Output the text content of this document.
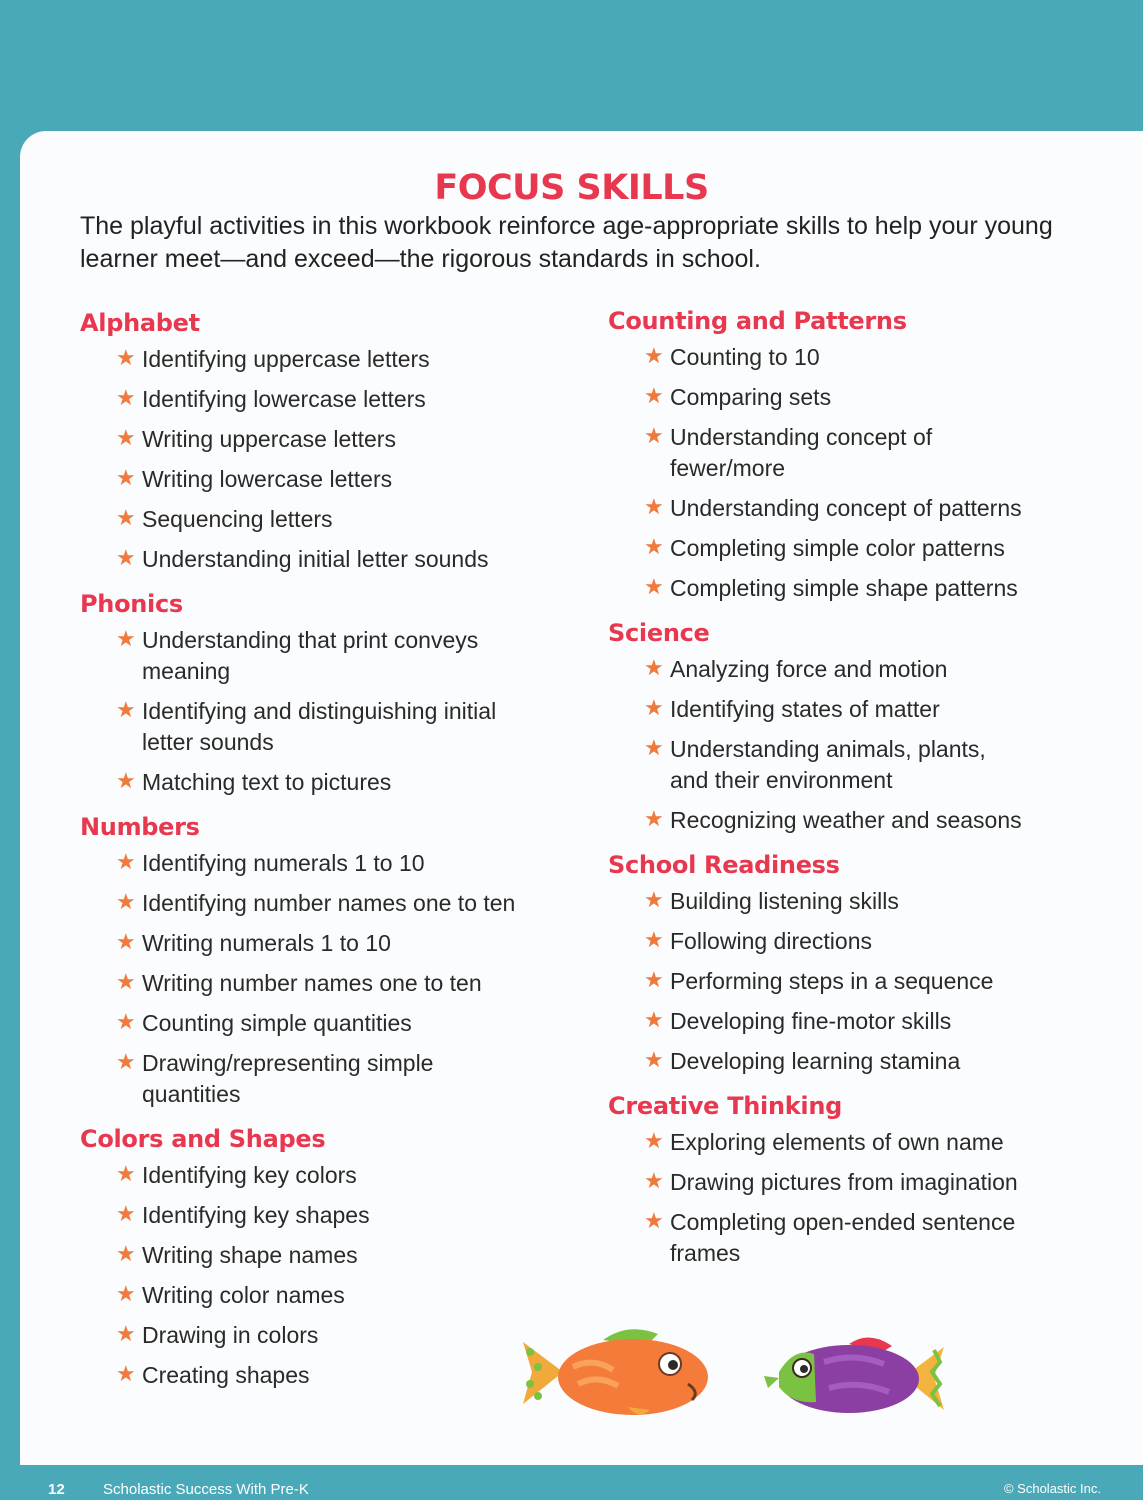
FOCUS SKILLS
The playful activities in this workbook reinforce age-appropriate skills to help your young learner meet—and exceed—the rigorous standards in school.
Alphabet
★ Identifying uppercase letters
★ Identifying lowercase letters
★ Writing uppercase letters
★ Writing lowercase letters
★ Sequencing letters
★ Understanding initial letter sounds
Phonics
★ Understanding that print conveys meaning
★ Identifying and distinguishing initial letter sounds
★ Matching text to pictures
Numbers
★ Identifying numerals 1 to 10
★ Identifying number names one to ten
★ Writing numerals 1 to 10
★ Writing number names one to ten
★ Counting simple quantities
★ Drawing/representing simple quantities
Colors and Shapes
★ Identifying key colors
★ Identifying key shapes
★ Writing shape names
★ Writing color names
★ Drawing in colors
★ Creating shapes
Counting and Patterns
★ Counting to 10
★ Comparing sets
★ Understanding concept of fewer/more
★ Understanding concept of patterns
★ Completing simple color patterns
★ Completing simple shape patterns
Science
★ Analyzing force and motion
★ Identifying states of matter
★ Understanding animals, plants, and their environment
★ Recognizing weather and seasons
School Readiness
★ Building listening skills
★ Following directions
★ Performing steps in a sequence
★ Developing fine-motor skills
★ Developing learning stamina
Creative Thinking
★ Exploring elements of own name
★ Drawing pictures from imagination
★ Completing open-ended sentence frames
12	Scholastic Success With Pre-K	© Scholastic Inc.
